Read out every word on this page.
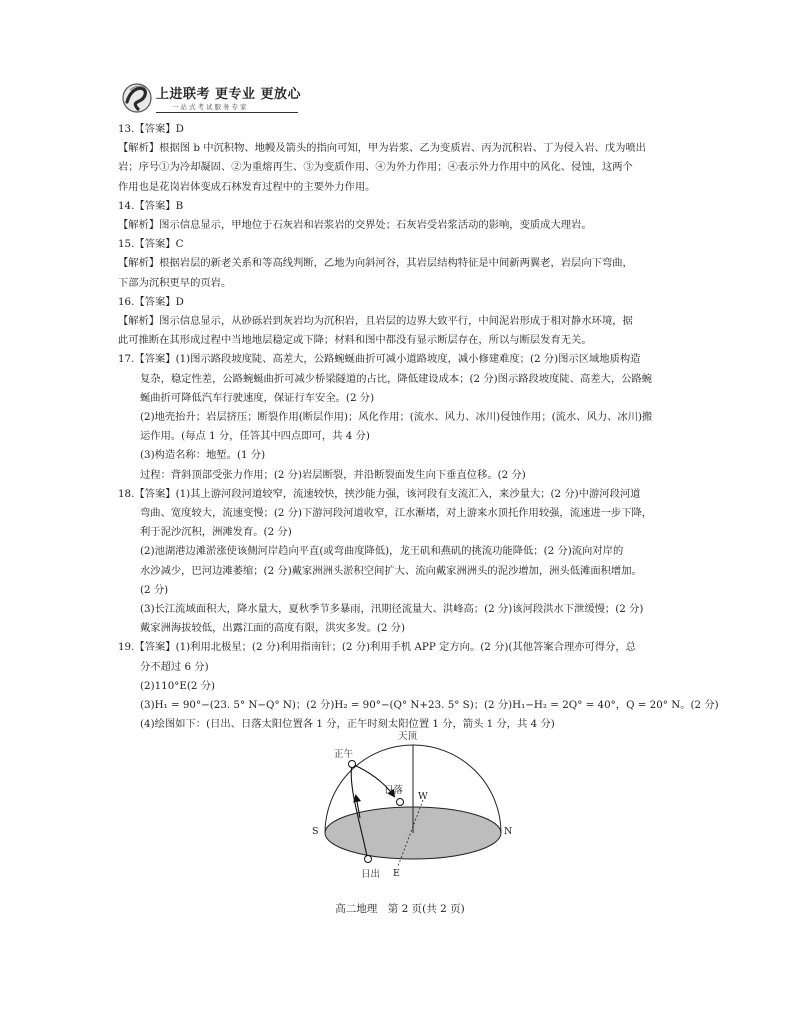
上进联考 更专业 更放心
一站式考试服务专家
13.【答案】D
【解析】根据图 b 中沉积物、地幔及箭头的指向可知，甲为岩浆、乙为变质岩、丙为沉积岩、丁为侵入岩、戊为喷出
岩；序号①为冷却凝固、②为重熔再生、③为变质作用、④为外力作用；④表示外力作用中的风化、侵蚀，这两个
作用也是花岗岩体变成石林发育过程中的主要外力作用。
14.【答案】B
【解析】图示信息显示，甲地位于石灰岩和岩浆岩的交界处；石灰岩受岩浆活动的影响，变质成大理岩。
15.【答案】C
【解析】根据岩层的新老关系和等高线判断，乙地为向斜河谷，其岩层结构特征是中间新两翼老，岩层向下弯曲，
下部为沉积更早的页岩。
16.【答案】D
【解析】图示信息显示，从砂砾岩到灰岩均为沉积岩，且岩层的边界大致平行，中间泥岩形成于相对静水环境，据
此可推断在其形成过程中当地地层稳定或下降；材料和图中都没有显示断层存在，所以与断层发育无关。
17.【答案】(1)图示路段坡度陡、高差大，公路蜿蜒曲折可减小道路坡度，减小修建难度；(2 分)图示区域地质构造
复杂，稳定性差，公路蜿蜒曲折可减少桥梁隧道的占比，降低建设成本；(2 分)图示路段坡度陡、高差大，公路蜿
蜒曲折可降低汽车行驶速度，保证行车安全。(2 分)
(2)地壳抬升；岩层挤压；断裂作用(断层作用)；风化作用；(流水、风力、冰川)侵蚀作用；(流水、风力、冰川)搬
运作用。(每点 1 分，任答其中四点即可，共 4 分)
(3)构造名称：地堑。(1 分)
过程：背斜顶部受张力作用；(2 分)岩层断裂，并沿断裂面发生向下垂直位移。(2 分)
18.【答案】(1)其上游河段河道较窄，流速较快，挟沙能力强，该河段有支流汇入，来沙量大；(2 分)中游河段河道
弯曲、宽度较大，流速变慢；(2 分)下游河段河道收窄，江水漸堵，对上游来水顶托作用较强，流速进一步下降，
利于泥沙沉积，洲滩发育。(2 分)
(2)池湖港边滩淤涨使该侧河岸趋向平直(或弯曲度降低)，龙王矶和燕矶的挑流功能降低；(2 分)流向对岸的
水沙减少，巴河边滩萎缩；(2 分)戴家洲洲头淤积空间扩大、流向戴家洲洲头的泥沙增加，洲头低滩面积增加。
(2 分)
(3)长江流域面积大，降水量大，夏秋季节多暴雨，汛期径流量大、洪峰高；(2 分)该河段洪水下泄缓慢；(2 分)
戴家洲海拔较低，出露江面的高度有限，洪灾多发。(2 分)
19.【答案】(1)利用北极星；(2 分)利用指南针；(2 分)利用手机 APP 定方向。(2 分)(其他答案合理亦可得分，总
分不超过 6 分)
(2)110°E(2 分)
(3)H₁ = 90°−(23. 5° N−Q° N)；(2 分)H₂ = 90°−(Q° N+23. 5° S)；(2 分)H₁−H₂ = 2Q° = 40°，Q = 20° N。(2 分)
(4)绘图如下：(日出、日落太阳位置各 1 分，正午时刻太阳位置 1 分，箭头 1 分，共 4 分)
天顶
正午
日落
日出
S	N
E
W
高二地理　第 2 页(共 2 页)
